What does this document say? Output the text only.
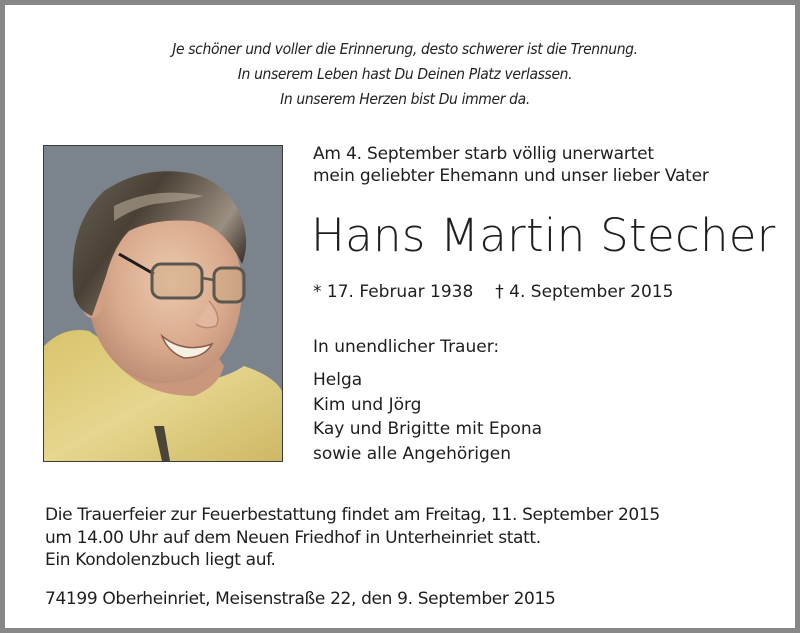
Je schöner und voller die Erinnerung, desto schwerer ist die Trennung.
In unserem Leben hast Du Deinen Platz verlassen.
In unserem Herzen bist Du immer da.
Am 4. September starb völlig unerwartet
mein geliebter Ehemann und unser lieber Vater
Hans Martin Stecher
* 17. Februar 1938 † 4. September 2015
In unendlicher Trauer:
Helga
Kim und Jörg
Kay und Brigitte mit Epona
sowie alle Angehörigen
Die Trauerfeier zur Feuerbestattung findet am Freitag, 11. September 2015
um 14.00 Uhr auf dem Neuen Friedhof in Unterheinriet statt.
Ein Kondolenzbuch liegt auf.
74199 Oberheinriet, Meisenstraße 22, den 9. September 2015
